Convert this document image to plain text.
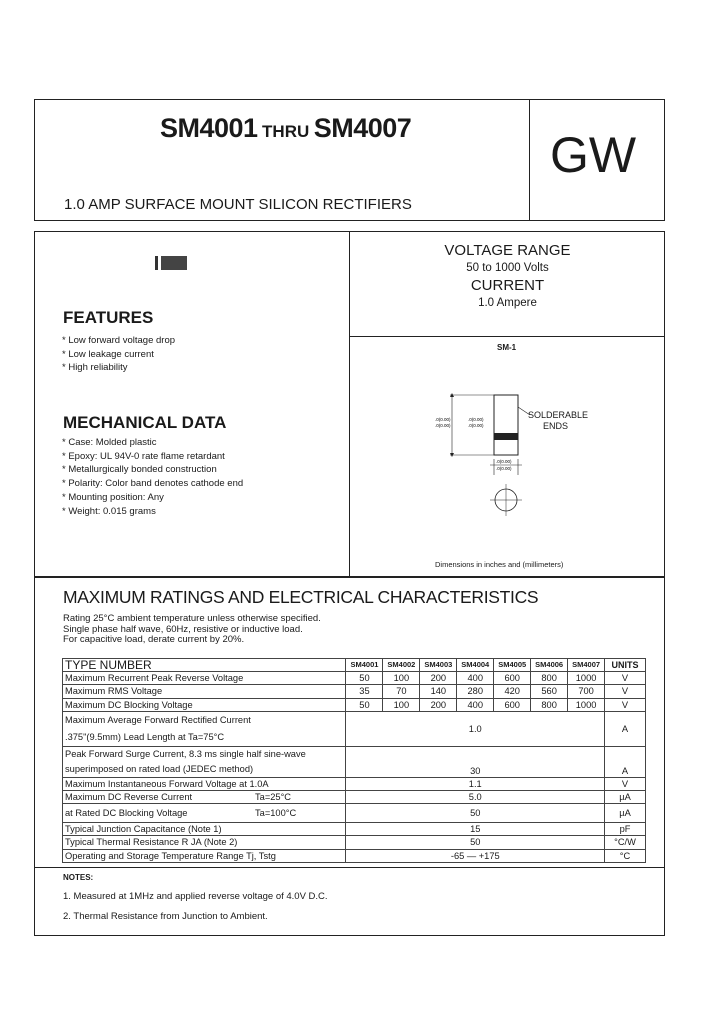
SM4001 THRU SM4007
1.0 AMP SURFACE MOUNT SILICON RECTIFIERS
GW
FEATURES
* Low forward voltage drop
* Low leakage current
* High reliability
MECHANICAL DATA
* Case: Molded plastic
* Epoxy: UL 94V-0 rate flame retardant
* Metallurgically bonded construction
* Polarity: Color band denotes cathode end
* Mounting position: Any
* Weight: 0.015 grams
VOLTAGE RANGE
50 to 1000 Volts
CURRENT
1.0 Ampere
SM-1
.0(0.00)
.0(0.00)
.0(0.00)
.0(0.00)
.0(0.00)
.0(0.00)
SOLDERABLE
ENDS
Dimensions in inches and (millimeters)
MAXIMUM RATINGS AND ELECTRICAL CHARACTERISTICS
Rating 25°C ambient temperature unless otherwise specified.
Single phase half wave, 60Hz, resistive or inductive load.
For capacitive load, derate current by 20%.
TYPE NUMBER	SM4001	SM4002	SM4003	SM4004	SM4005	SM4006	SM4007	UNITS
Maximum Recurrent Peak Reverse Voltage	50	100	200	400	600	800	1000	V
Maximum RMS Voltage	35	70	140	280	420	560	700	V
Maximum DC Blocking Voltage	50	100	200	400	600	800	1000	V

Maximum Average Forward Rectified Current
.375"(9.5mm) Lead Length at Ta=75°C	1.0							A

Peak Forward Surge Current, 8.3 ms single half sine-wave
superimposed on rated load (JEDEC method)	30							A
Maximum Instantaneous Forward Voltage at 1.0A	1.1							V
Maximum DC Reverse Current Ta=25°C	5.0							µA
at Rated DC Blocking Voltage Ta=100°C	50							µA
Typical Junction Capacitance (Note 1)	15							pF
Typical Thermal Resistance R JA (Note 2)	50							°C/W
Operating and Storage Temperature Range Tj, Tstg	-65 — +175							°C
NOTES:
1. Measured at 1MHz and applied reverse voltage of 4.0V D.C.
2. Thermal Resistance from Junction to Ambient.
